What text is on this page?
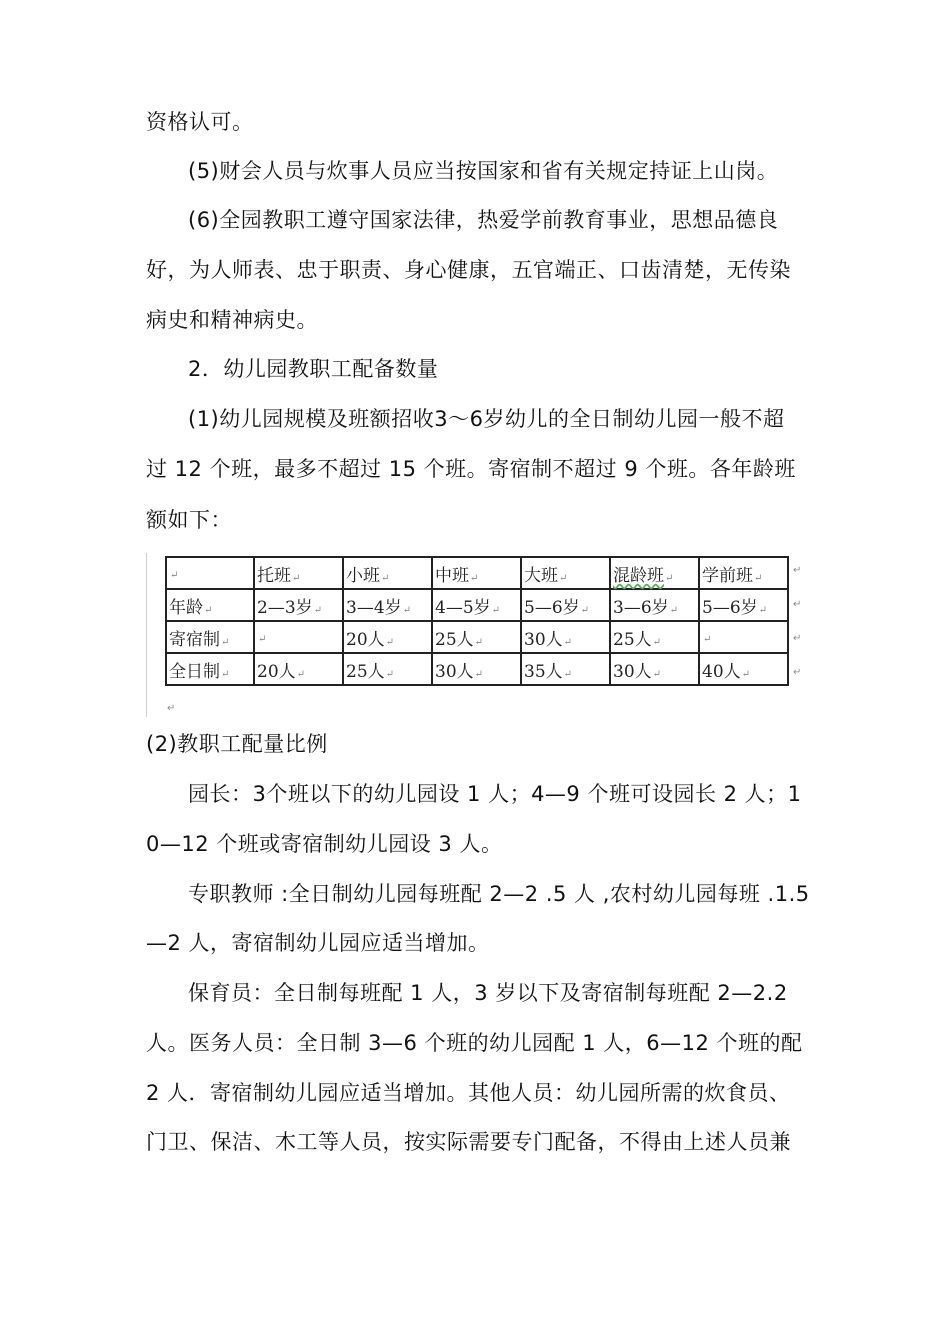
资格认可。
(5)财会人员与炊事人员应当按国家和省有关规定持证上山岗。
(6)全园教职工遵守国家法律，热爱学前教育事业，思想品德良
好，为人师表、忠于职责、身心健康，五官端正、口齿清楚，无传染
病史和精神病史。
2．幼儿园教职工配备数量
(1)幼儿园规模及班额招收3～6岁幼儿的全日制幼儿园一般不超
过 12 个班，最多不超过 15 个班。寄宿制不超过 9 个班。各年龄班
额如下：
↵	托班↵	小班↵	中班↵	大班↵	混龄班↵	学前班↵
年龄↵	2—3岁↵	3—4岁↵	4—5岁↵	5—6岁↵	3—6岁↵	5—6岁↵
寄宿制↵	↵	20人↵	25人↵	30人↵	25人↵	↵
全日制↵	20人↵	25人↵	30人↵	35人↵	30人↵	40人↵
↵
↵
↵
↵
↵
(2)教职工配量比例
园长：3个班以下的幼儿园设 1 人；4—9 个班可设园长 2 人；1
0—12 个班或寄宿制幼儿园设 3 人。
专职教师 :全日制幼儿园每班配 2—2 .5 人 ,农村幼儿园每班 .1.5
—2 人，寄宿制幼儿园应适当增加。
保育员：全日制每班配 1 人，3 岁以下及寄宿制每班配 2—2.2
人。医务人员：全日制 3—6 个班的幼儿园配 1 人，6—12 个班的配
2 人．寄宿制幼儿园应适当增加。其他人员：幼儿园所需的炊食员、
门卫、保洁、木工等人员，按实际需要专门配备，不得由上述人员兼
